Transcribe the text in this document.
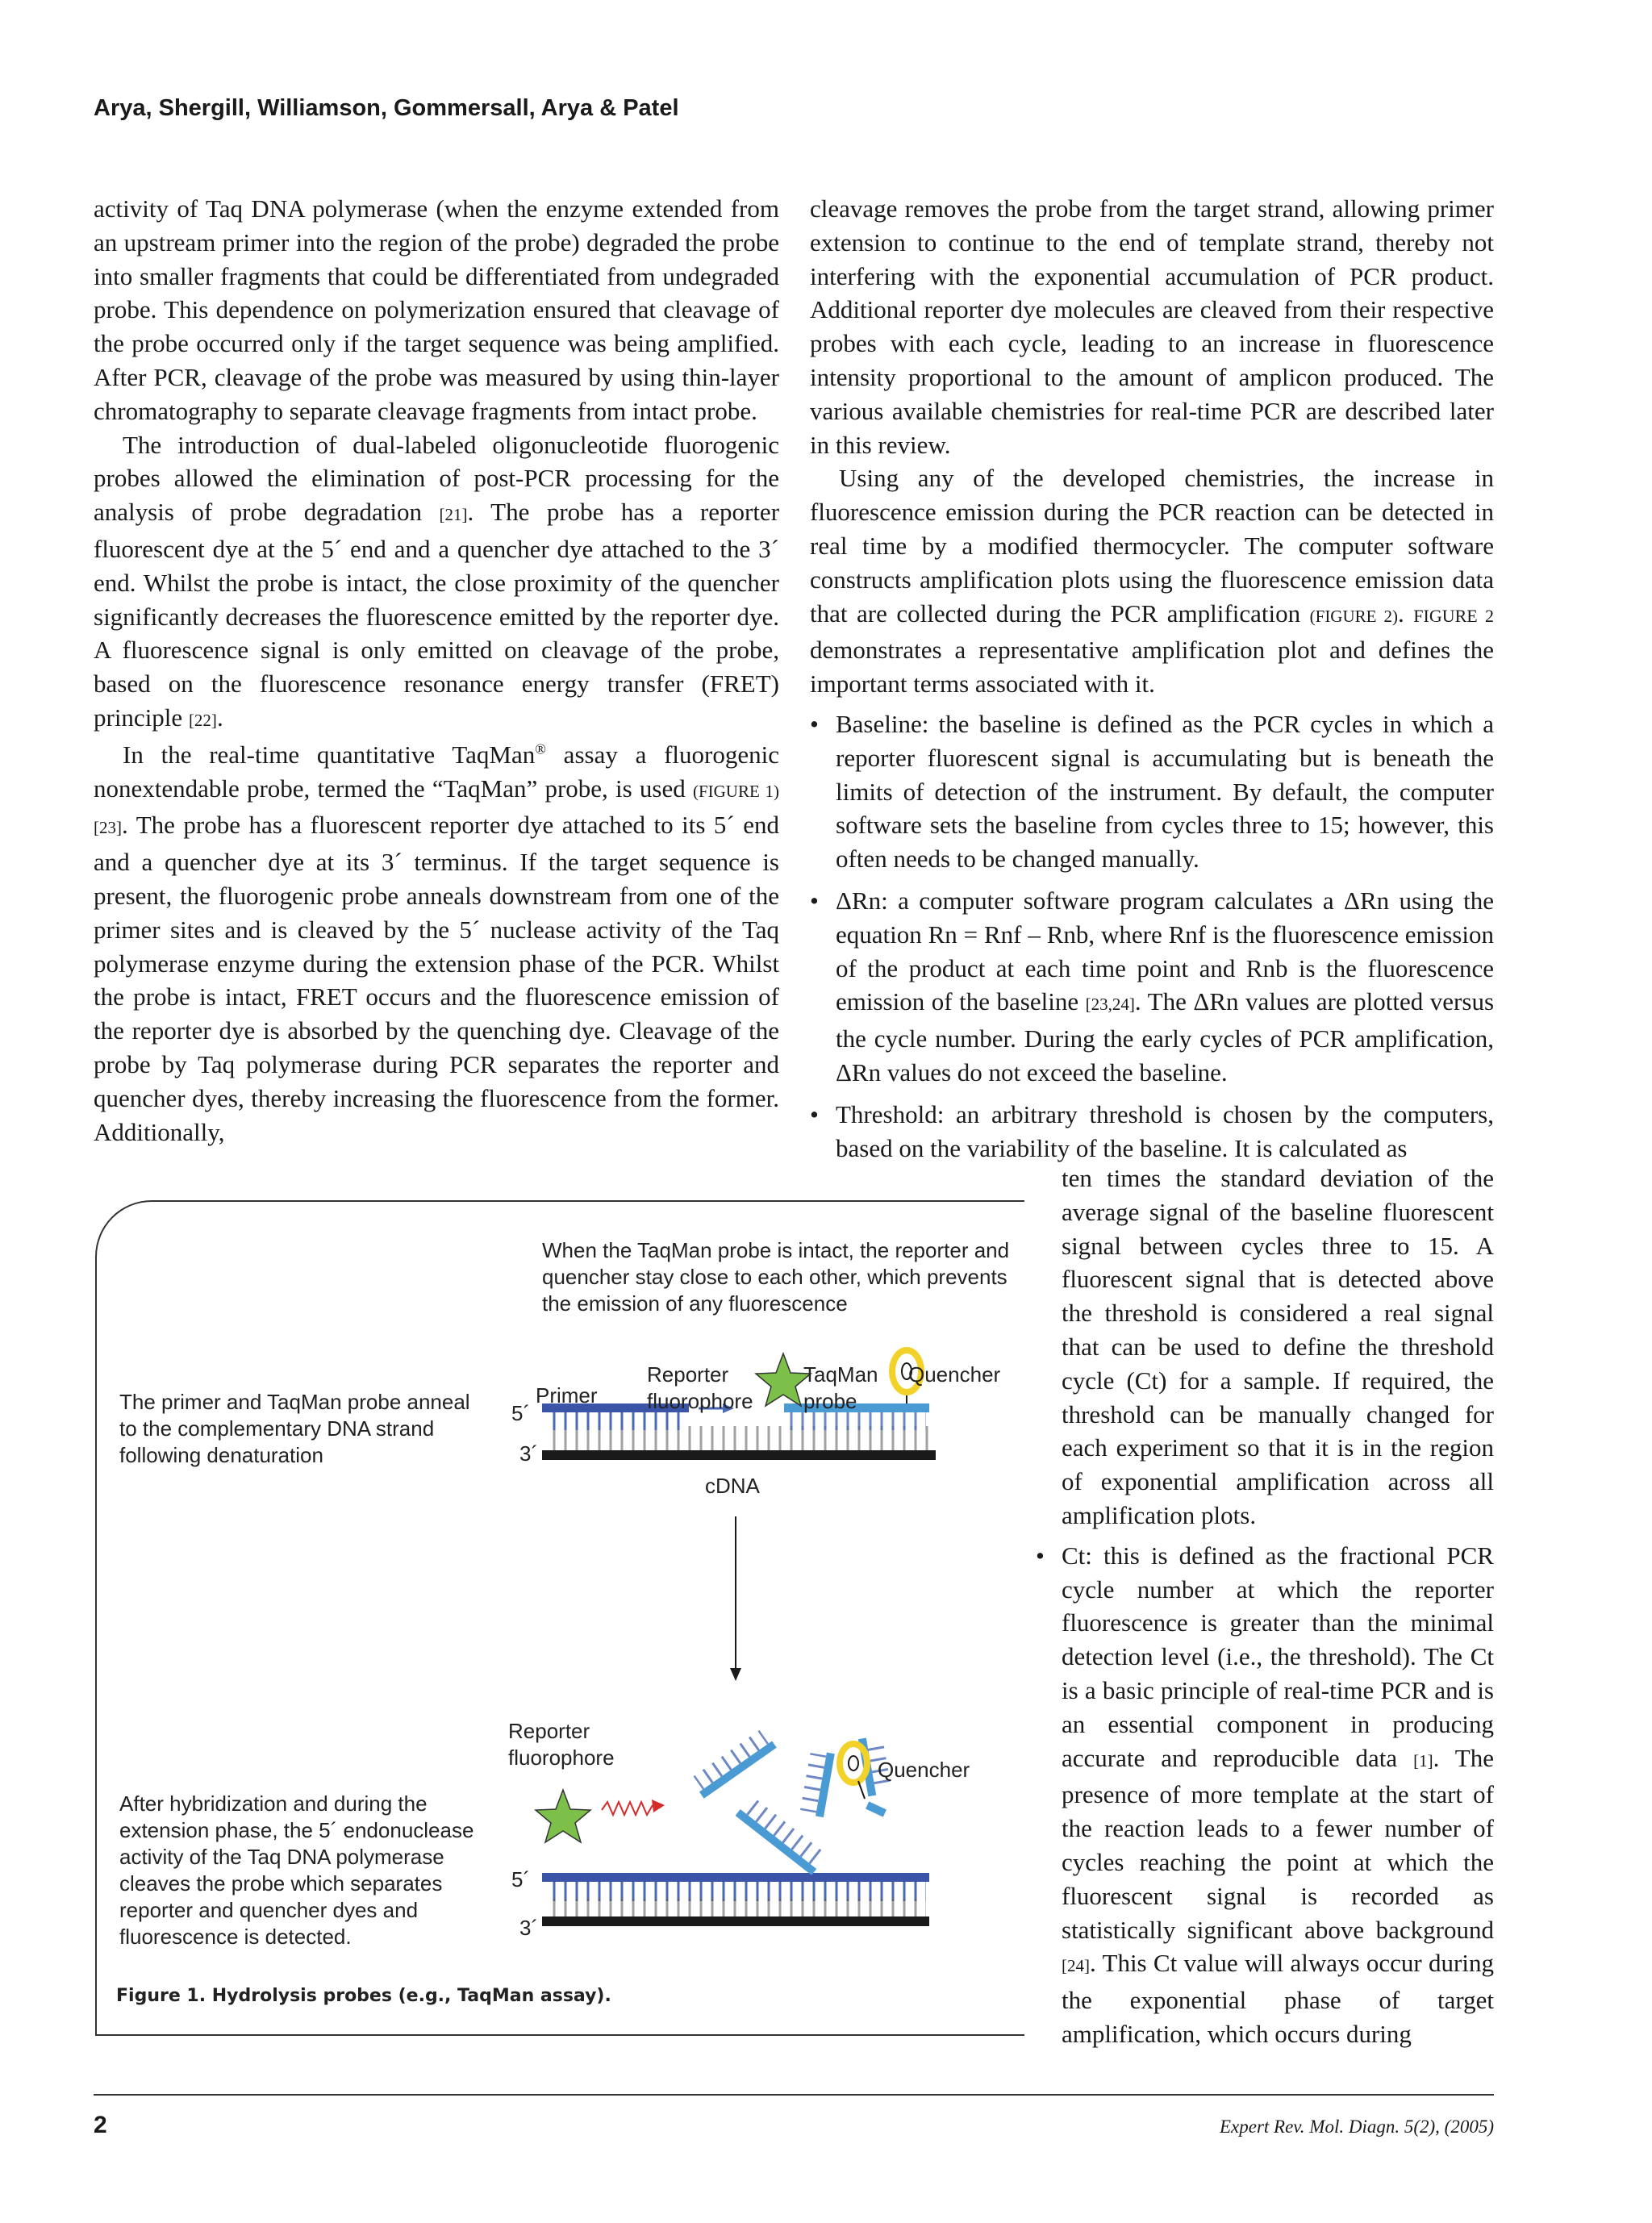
Arya, Shergill, Williamson, Gommersall, Arya & Patel

activity of Taq DNA polymerase (when the enzyme extended from an upstream primer into the region of the probe) degraded the probe into smaller fragments that could be differentiated from undegraded probe. This dependence on polymerization ensured that cleavage of the probe occurred only if the target sequence was being amplified. After PCR, cleavage of the probe was measured by using thin-layer chromatography to separate cleavage fragments from intact probe.

The introduction of dual-labeled oligonucleotide fluorogenic probes allowed the elimination of post-PCR processing for the analysis of probe degradation [21]. The probe has a reporter fluorescent dye at the 5´ end and a quencher dye attached to the 3´ end. Whilst the probe is intact, the close proximity of the quencher significantly decreases the fluorescence emitted by the reporter dye. A fluorescence signal is only emitted on cleavage of the probe, based on the fluorescence resonance energy transfer (FRET) principle [22].

In the real-time quantitative TaqMan® assay a fluorogenic nonextendable probe, termed the “TaqMan” probe, is used (FIGURE 1) [23]. The probe has a fluorescent reporter dye attached to its 5´ end and a quencher dye at its 3´ terminus. If the target sequence is present, the fluorogenic probe anneals downstream from one of the primer sites and is cleaved by the 5´ nuclease activity of the Taq polymerase enzyme during the extension phase of the PCR. Whilst the probe is intact, FRET occurs and the fluorescence emission of the reporter dye is absorbed by the quenching dye. Cleavage of the probe by Taq polymerase during PCR separates the reporter and quencher dyes, thereby increasing the fluorescence from the former. Additionally,

cleavage removes the probe from the target strand, allowing primer extension to continue to the end of template strand, thereby not interfering with the exponential accumulation of PCR product. Additional reporter dye molecules are cleaved from their respective probes with each cycle, leading to an increase in fluorescence intensity proportional to the amount of amplicon produced. The various available chemistries for real-time PCR are described later in this review.

Using any of the developed chemistries, the increase in fluorescence emission during the PCR reaction can be detected in real time by a modified thermocycler. The computer software constructs amplification plots using the fluorescence emission data that are collected during the PCR amplification (FIGURE 2). FIGURE 2 demonstrates a representative amplification plot and defines the important terms associated with it.

• Baseline: the baseline is defined as the PCR cycles in which a reporter fluorescent signal is accumulating but is beneath the limits of detection of the instrument. By default, the computer software sets the baseline from cycles three to 15; however, this often needs to be changed manually.
• ΔRn: a computer software program calculates a ΔRn using the equation Rn = Rnf – Rnb, where Rnf is the fluorescence emission of the product at each time point and Rnb is the fluorescence emission of the baseline [23,24]. The ΔRn values are plotted versus the cycle number. During the early cycles of PCR amplification, ΔRn values do not exceed the baseline.
• Threshold: an arbitrary threshold is chosen by the computers, based on the variability of the baseline. It is calculated as

ten times the standard deviation of the average signal of the baseline fluorescent signal between cycles three to 15. A fluorescent signal that is detected above the threshold is considered a real signal that can be used to define the threshold cycle (Ct) for a sample. If required, the threshold can be manually changed for each experiment so that it is in the region of exponential amplification across all amplification plots.

• Ct: this is defined as the fractional PCR cycle number at which the reporter fluorescence is greater than the minimal detection level (i.e., the threshold). The Ct is a basic principle of real-time PCR and is an essential component in producing accurate and reproducible data [1]. The presence of more template at the start of the reaction leads to a fewer number of cycles reaching the point at which the fluorescent signal is recorded as statistically significant above background [24]. This Ct value will always occur during the exponential phase of target amplification, which occurs during
When the TaqMan probe is intact, the reporter and quencher stay close to each other, which prevents the emission of any fluorescence
Reporter fluorophore
TaqMan probe
Quencher
Primer
5´
3´
cDNA
The primer and TaqMan probe anneal to the complementary DNA strand following denaturation
Reporter fluorophore	Quencher
5´
3´
After hybridization and during the extension phase, the 5´ endonuclease activity of the Taq DNA polymerase cleaves the probe which separates reporter and quencher dyes and fluorescence is detected.
Figure 1. Hydrolysis probes (e.g., TaqMan assay).
2	Expert Rev. Mol. Diagn. 5(2), (2005)
